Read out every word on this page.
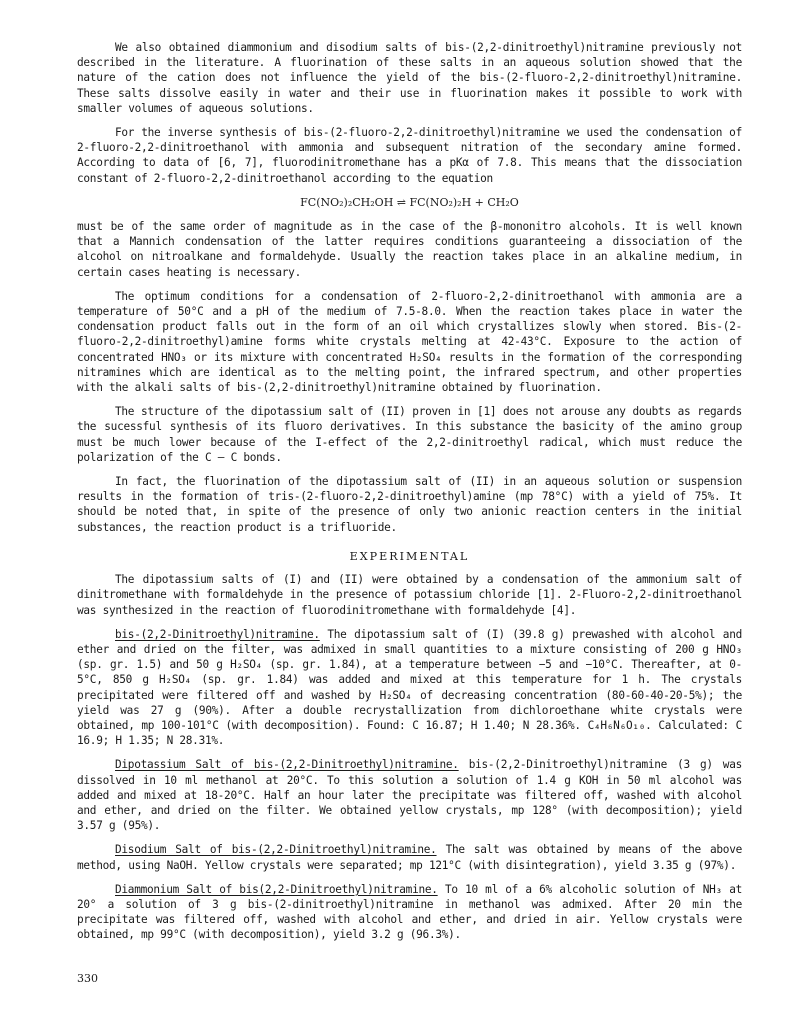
We also obtained diammonium and disodium salts of bis-(2,2-dinitroethyl)nitramine previously not described in the literature. A fluorination of these salts in an aqueous solution showed that the nature of the cation does not influence the yield of the bis-(2-fluoro-2,2-dinitroethyl)nitramine. These salts dissolve easily in water and their use in fluorination makes it possible to work with smaller volumes of aqueous solutions.

For the inverse synthesis of bis-(2-fluoro-2,2-dinitroethyl)nitramine we used the condensation of 2-fluoro-2,2-dinitroethanol with ammonia and subsequent nitration of the secondary amine formed. According to data of [6, 7], fluorodinitromethane has a pKα of 7.8. This means that the dissociation constant of 2-fluoro-2,2-dinitroethanol according to the equation

FC(NO₂)₂CH₂OH ⇌ FC(NO₂)₂H + CH₂O

must be of the same order of magnitude as in the case of the β-mononitro alcohols. It is well known that a Mannich condensation of the latter requires conditions guaranteeing a dissociation of the alcohol on nitroalkane and formaldehyde. Usually the reaction takes place in an alkaline medium, in certain cases heating is necessary.

The optimum conditions for a condensation of 2-fluoro-2,2-dinitroethanol with ammonia are a temperature of 50°C and a pH of the medium of 7.5-8.0. When the reaction takes place in water the condensation product falls out in the form of an oil which crystallizes slowly when stored. Bis-(2-fluoro-2,2-dinitroethyl)amine forms white crystals melting at 42-43°C. Exposure to the action of concentrated HNO₃ or its mixture with concentrated H₂SO₄ results in the formation of the corresponding nitramines which are identical as to the melting point, the infrared spectrum, and other properties with the alkali salts of bis-(2,2-dinitroethyl)nitramine obtained by fluorination.

The structure of the dipotassium salt of (II) proven in [1] does not arouse any doubts as regards the sucessful synthesis of its fluoro derivatives. In this substance the basicity of the amino group must be much lower because of the I-effect of the 2,2-dinitroethyl radical, which must reduce the polarization of the C — C bonds.

In fact, the fluorination of the dipotassium salt of (II) in an aqueous solution or suspension results in the formation of tris-(2-fluoro-2,2-dinitroethyl)amine (mp 78°C) with a yield of 75%. It should be noted that, in spite of the presence of only two anionic reaction centers in the initial substances, the reaction product is a trifluoride.

EXPERIMENTAL

The dipotassium salts of (I) and (II) were obtained by a condensation of the ammonium salt of dinitromethane with formaldehyde in the presence of potassium chloride [1]. 2-Fluoro-2,2-dinitroethanol was synthesized in the reaction of fluorodinitromethane with formaldehyde [4].

bis-(2,2-Dinitroethyl)nitramine. The dipotassium salt of (I) (39.8 g) prewashed with alcohol and ether and dried on the filter, was admixed in small quantities to a mixture consisting of 200 g HNO₃ (sp. gr. 1.5) and 50 g H₂SO₄ (sp. gr. 1.84), at a temperature between −5 and −10°C. Thereafter, at 0-5°C, 850 g H₂SO₄ (sp. gr. 1.84) was added and mixed at this temperature for 1 h. The crystals precipitated were filtered off and washed by H₂SO₄ of decreasing concentration (80-60-40-20-5%); the yield was 27 g (90%). After a double recrystallization from dichloroethane white crystals were obtained, mp 100-101°C (with decomposition). Found: C 16.87; H 1.40; N 28.36%. C₄H₆N₆O₁₀. Calculated: C 16.9; H 1.35; N 28.31%.

Dipotassium Salt of bis-(2,2-Dinitroethyl)nitramine. bis-(2,2-Dinitroethyl)nitramine (3 g) was dissolved in 10 ml methanol at 20°C. To this solution a solution of 1.4 g KOH in 50 ml alcohol was added and mixed at 18-20°C. Half an hour later the precipitate was filtered off, washed with alcohol and ether, and dried on the filter. We obtained yellow crystals, mp 128° (with decomposition); yield 3.57 g (95%).

Disodium Salt of bis-(2,2-Dinitroethyl)nitramine. The salt was obtained by means of the above method, using NaOH. Yellow crystals were separated; mp 121°C (with disintegration), yield 3.35 g (97%).

Diammonium Salt of bis(2,2-Dinitroethyl)nitramine. To 10 ml of a 6% alcoholic solution of NH₃ at 20° a solution of 3 g bis-(2-dinitroethyl)nitramine in methanol was admixed. After 20 min the precipitate was filtered off, washed with alcohol and ether, and dried in air. Yellow crystals were obtained, mp 99°C (with decomposition), yield 3.2 g (96.3%).

330
